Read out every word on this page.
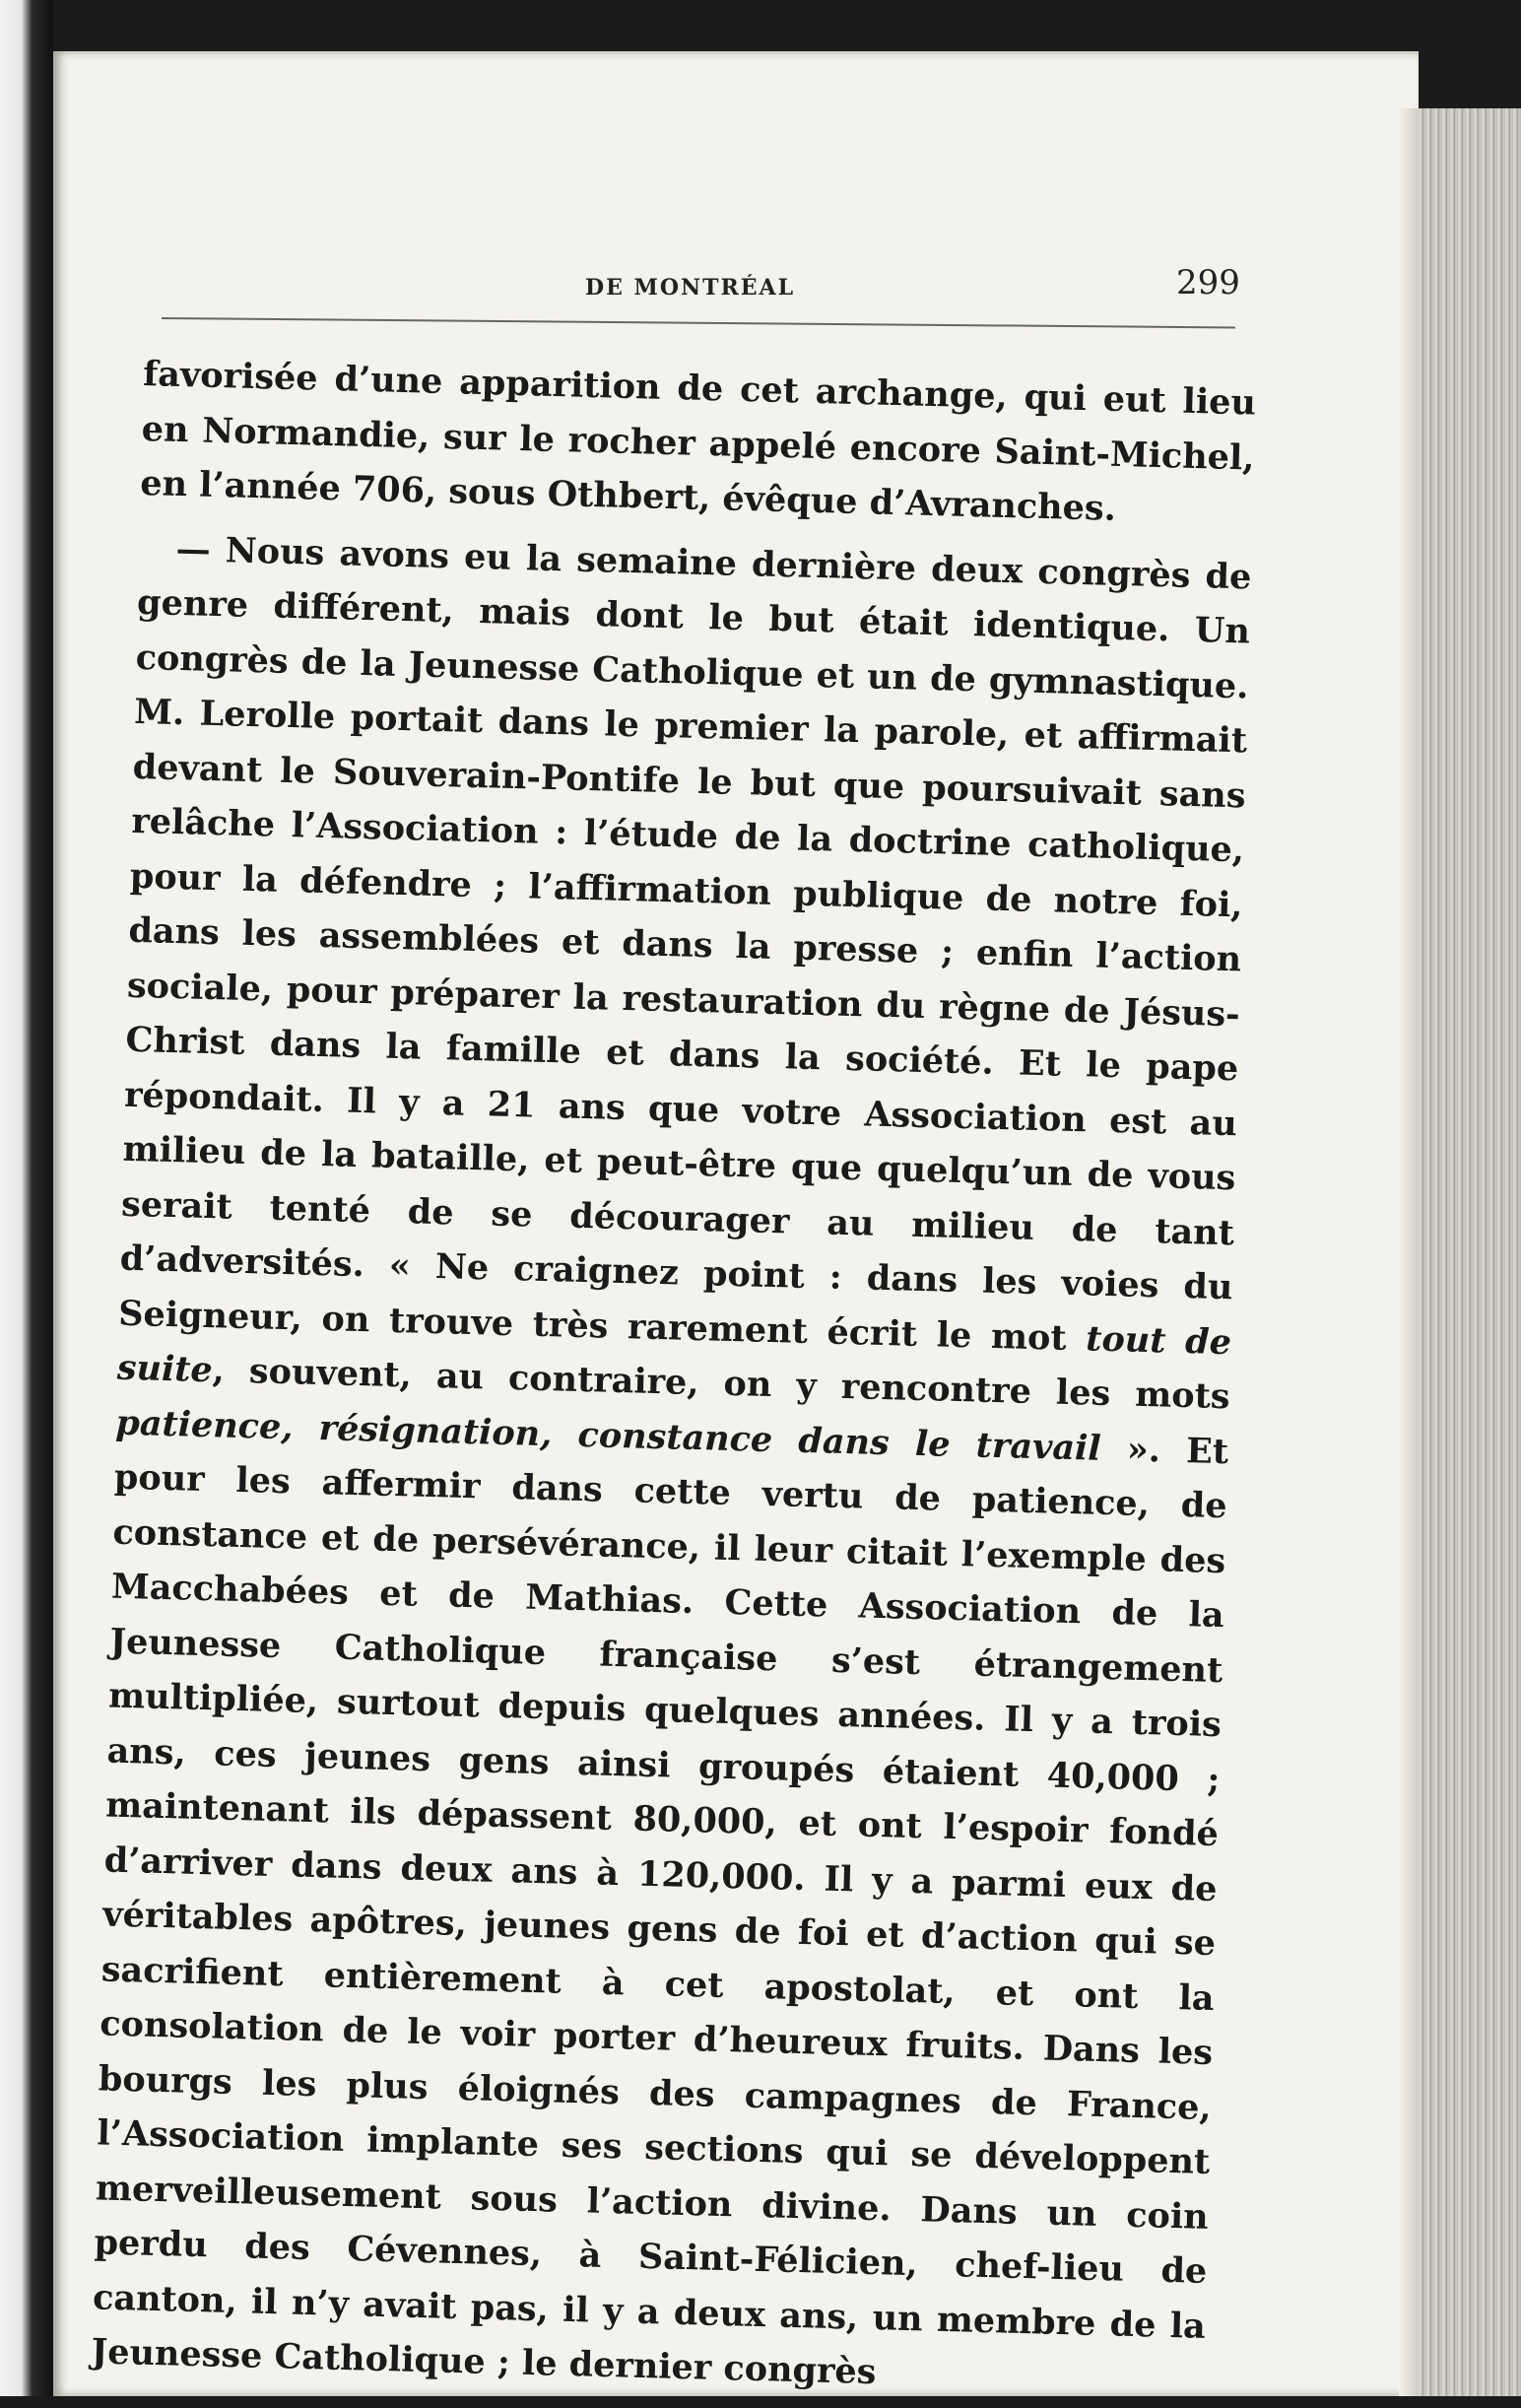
DE MONTRÉAL	299

favorisée d’une apparition de cet archange, qui eut lieu en Normandie, sur le rocher appelé encore Saint-Michel, en l’année 706, sous Othbert, évêque d’Avranches.

— Nous avons eu la semaine dernière deux congrès de genre différent, mais dont le but était identique. Un congrès de la Jeunesse Catholique et un de gymnastique. M. Lerolle portait dans le premier la parole, et affirmait devant le Souverain-Pontife le but que poursuivait sans relâche l’Association : l’étude de la doctrine catholique, pour la défendre ; l’affirmation publique de notre foi, dans les assemblées et dans la presse ; enfin l’action sociale, pour préparer la restauration du règne de Jésus-Christ dans la famille et dans la société. Et le pape répondait. Il y a 21 ans que votre Association est au milieu de la bataille, et peut-être que quelqu’un de vous serait tenté de se décourager au milieu de tant d’adversités. « Ne craignez point : dans les voies du Seigneur, on trouve très rarement écrit le mot tout de suite, souvent, au contraire, on y rencontre les mots patience, résignation, constance dans le travail ». Et pour les affermir dans cette vertu de patience, de constance et de persévérance, il leur citait l’exemple des Macchabées et de Mathias. Cette Association de la Jeunesse Catholique française s’est étrangement multipliée, surtout depuis quelques années. Il y a trois ans, ces jeunes gens ainsi groupés étaient 40,000 ; maintenant ils dépassent 80,000, et ont l’espoir fondé d’arriver dans deux ans à 120,000. Il y a parmi eux de véritables apôtres, jeunes gens de foi et d’action qui se sacrifient entièrement à cet apostolat, et ont la consolation de le voir porter d’heureux fruits. Dans les bourgs les plus éloignés des campagnes de France, l’Association implante ses sections qui se développent merveilleusement sous l’action divine. Dans un coin perdu des Cévennes, à Saint-Félicien, chef-lieu de canton, il n’y avait pas, il y a deux ans, un membre de la Jeunesse Catholique ; le dernier congrès
